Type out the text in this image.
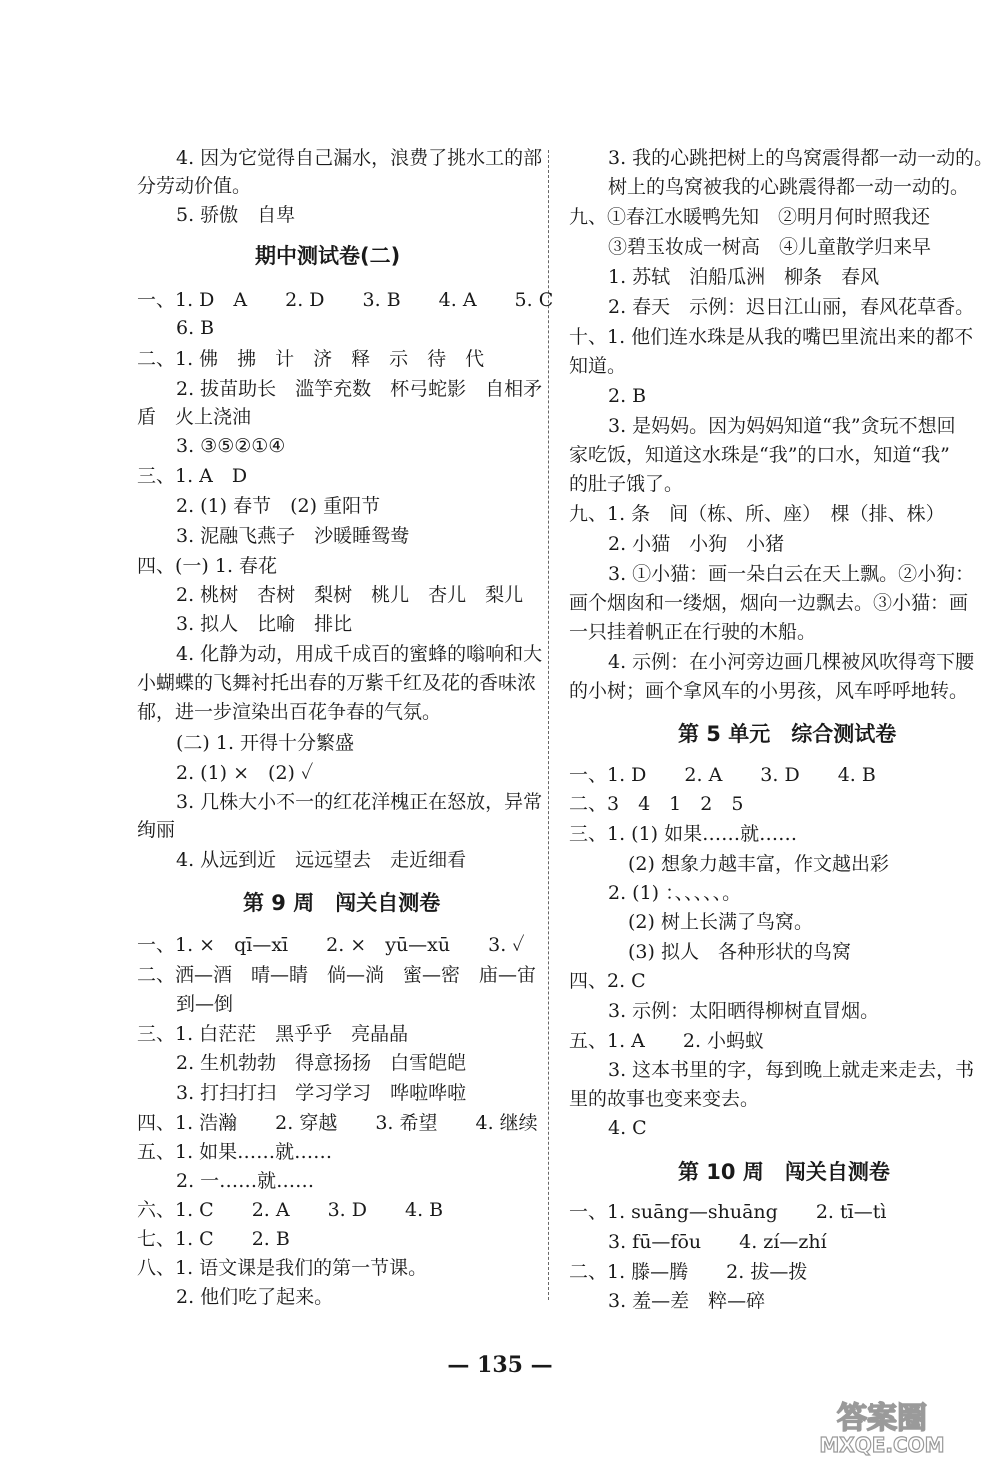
4. 因为它觉得自己漏水，浪费了挑水工的部
分劳动价值。
5. 骄傲　自卑
期中测试卷(二)
一、1. D　A　　2. D　　3. B　　4. A　　5. C
6. B
二、1. 佛　拂　计　济　释　示　待　代
2. 拔苗助长　滥竽充数　杯弓蛇影　自相矛
盾　火上浇油
3. ③⑤②①④
三、1. A　D
2. (1) 春节　(2) 重阳节
3. 泥融飞燕子　沙暖睡鸳鸯
四、(一) 1. 春花
2. 桃树　杏树　梨树　桃儿　杏儿　梨儿
3. 拟人　比喻　排比
4. 化静为动，用成千成百的蜜蜂的嗡响和大
小蝴蝶的飞舞衬托出春的万紫千红及花的香味浓
郁，进一步渲染出百花争春的气氛。
(二) 1. 开得十分繁盛
2. (1) ×　(2) ✓
3. 几株大小不一的红花洋槐正在怒放，异常
绚丽
4. 从远到近　远远望去　走近细看
第 9 周　闯关自测卷
一、1. ×　qī—xī　　2. ×　yū—xū　　3. ✓
二、洒—酒　晴—睛　倘—淌　蜜—密　庙—宙
到—倒
三、1. 白茫茫　黑乎乎　亮晶晶
2. 生机勃勃　得意扬扬　白雪皑皑
3. 打扫打扫　学习学习　哗啦哗啦
四、1. 浩瀚　　2. 穿越　　3. 希望　　4. 继续
五、1. 如果……就……
2. 一……就……
六、1. C　　2. A　　3. D　　4. B
七、1. C　　2. B
八、1. 语文课是我们的第一节课。
2. 他们吃了起来。
3. 我的心跳把树上的鸟窝震得都一动一动的。
树上的鸟窝被我的心跳震得都一动一动的。
九、①春江水暖鸭先知　②明月何时照我还
③碧玉妆成一树高　④儿童散学归来早
1. 苏轼　泊船瓜洲　柳条　春风
2. 春天　示例：迟日江山丽，春风花草香。
十、1. 他们连水珠是从我的嘴巴里流出来的都不
知道。
2. B
3. 是妈妈。因为妈妈知道“我”贪玩不想回
家吃饭，知道这水珠是“我”的口水，知道“我”
的肚子饿了。
九、1. 条　间（栋、所、座）　棵（排、株）
2. 小猫　小狗　小猪
3. ①小猫：画一朵白云在天上飘。②小狗：
画个烟囱和一缕烟，烟向一边飘去。③小猫：画
一只挂着帆正在行驶的木船。
4. 示例：在小河旁边画几棵被风吹得弯下腰
的小树；画个拿风车的小男孩，风车呼呼地转。
第 5 单元　综合测试卷
一、1. D　　2. A　　3. D　　4. B
二、3　4　1　2　5
三、1. (1) 如果……就……
(2) 想象力越丰富，作文越出彩
2. (1) ：、、、、、。
(2) 树上长满了鸟窝。
(3) 拟人　各种形状的鸟窝
四、2. C
3. 示例：太阳晒得柳树直冒烟。
五、1. A　　2. 小蚂蚁
3. 这本书里的字，每到晚上就走来走去，书
里的故事也变来变去。
4. C
第 10 周　闯关自测卷
一、1. suāng—shuāng　　2. tī—tì
3. fū—fōu　　4. zí—zhí
二、1. 滕—腾　　2. 拔—拨
3. 羞—差　粹—碎
— 135 —
答案圈
MXQE.COM
